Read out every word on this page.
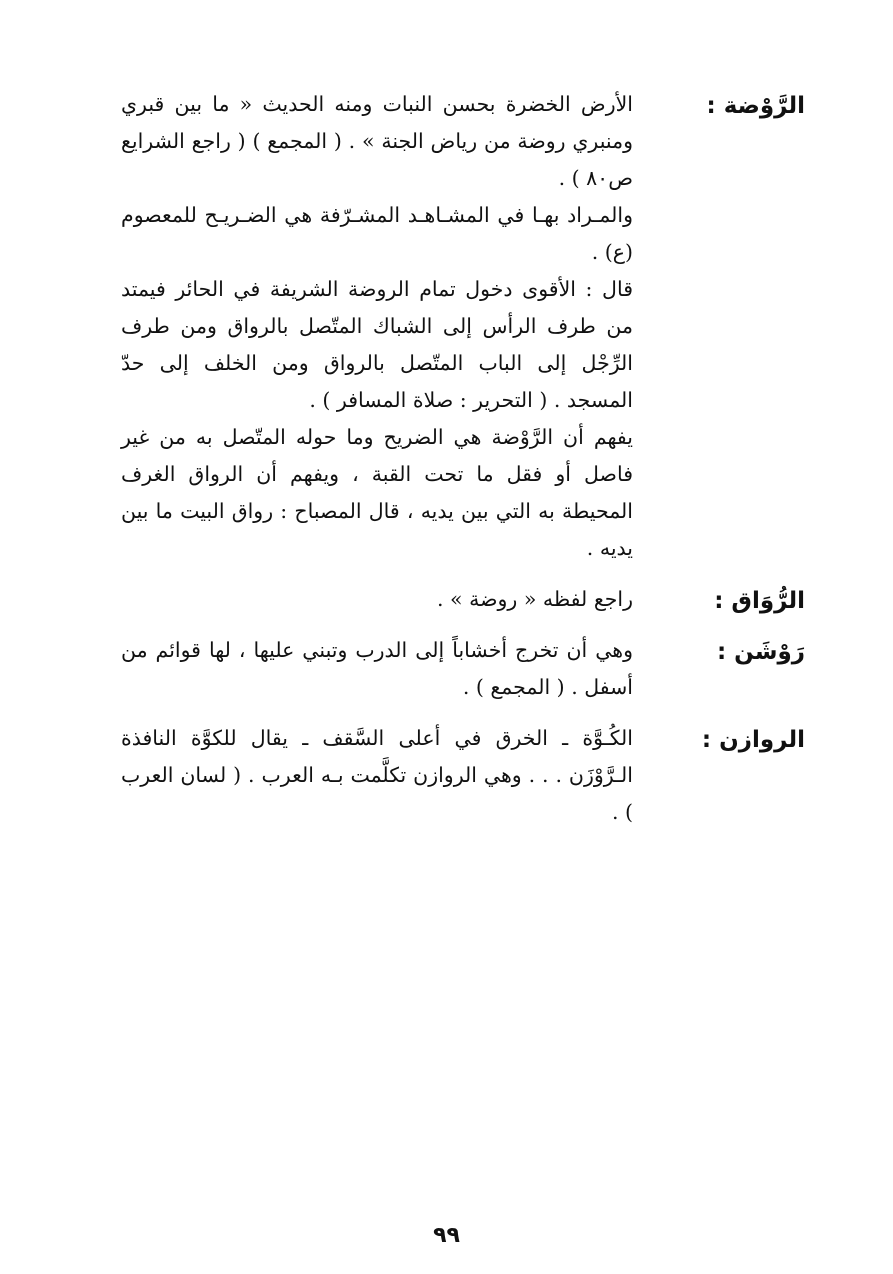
الرَّوْضة :
الأرض الخضرة بحسن النبات ومنه الحديث « ما بين قبري ومنبري روضة من رياض الجنة » . ( المجمع ) ( راجع الشرايع ص٨٠ ) .
والمـراد بهـا في المشـاهـد المشـرّفة هي الضـريـح للمعصوم (ع) .
قال : الأقوى دخول تمام الروضة الشريفة في الحائر فيمتد من طرف الرأس إلى الشباك المتّصل بالرواق ومن طرف الرِّجْل إلى الباب المتّصل بالرواق ومن الخلف إلى حدّ المسجد . ( التحرير : صلاة المسافر ) .
يفهم أن الرَّوْضة هي الضريح وما حوله المتّصل به من غير فاصل أو فقل ما تحت القبة ، ويفهم أن الرواق الغرف المحيطة به التي بين يديه ، قال المصباح : رواق البيت ما بين يديه .
الرُّوَاق :
راجع لفظه « روضة » .
رَوْشَن :
وهي أن تخرج أخشاباً إلى الدرب وتبني عليها ، لها قوائم من أسفل . ( المجمع ) .
الروازن :
الكُـوَّة ـ الخرق في أعلى السَّقف ـ يقال للكوَّة النافذة الـرَّوْزَن . . . وهي الروازن تكلَّمت بـه العرب . ( لسان العرب ) .
٩٩
